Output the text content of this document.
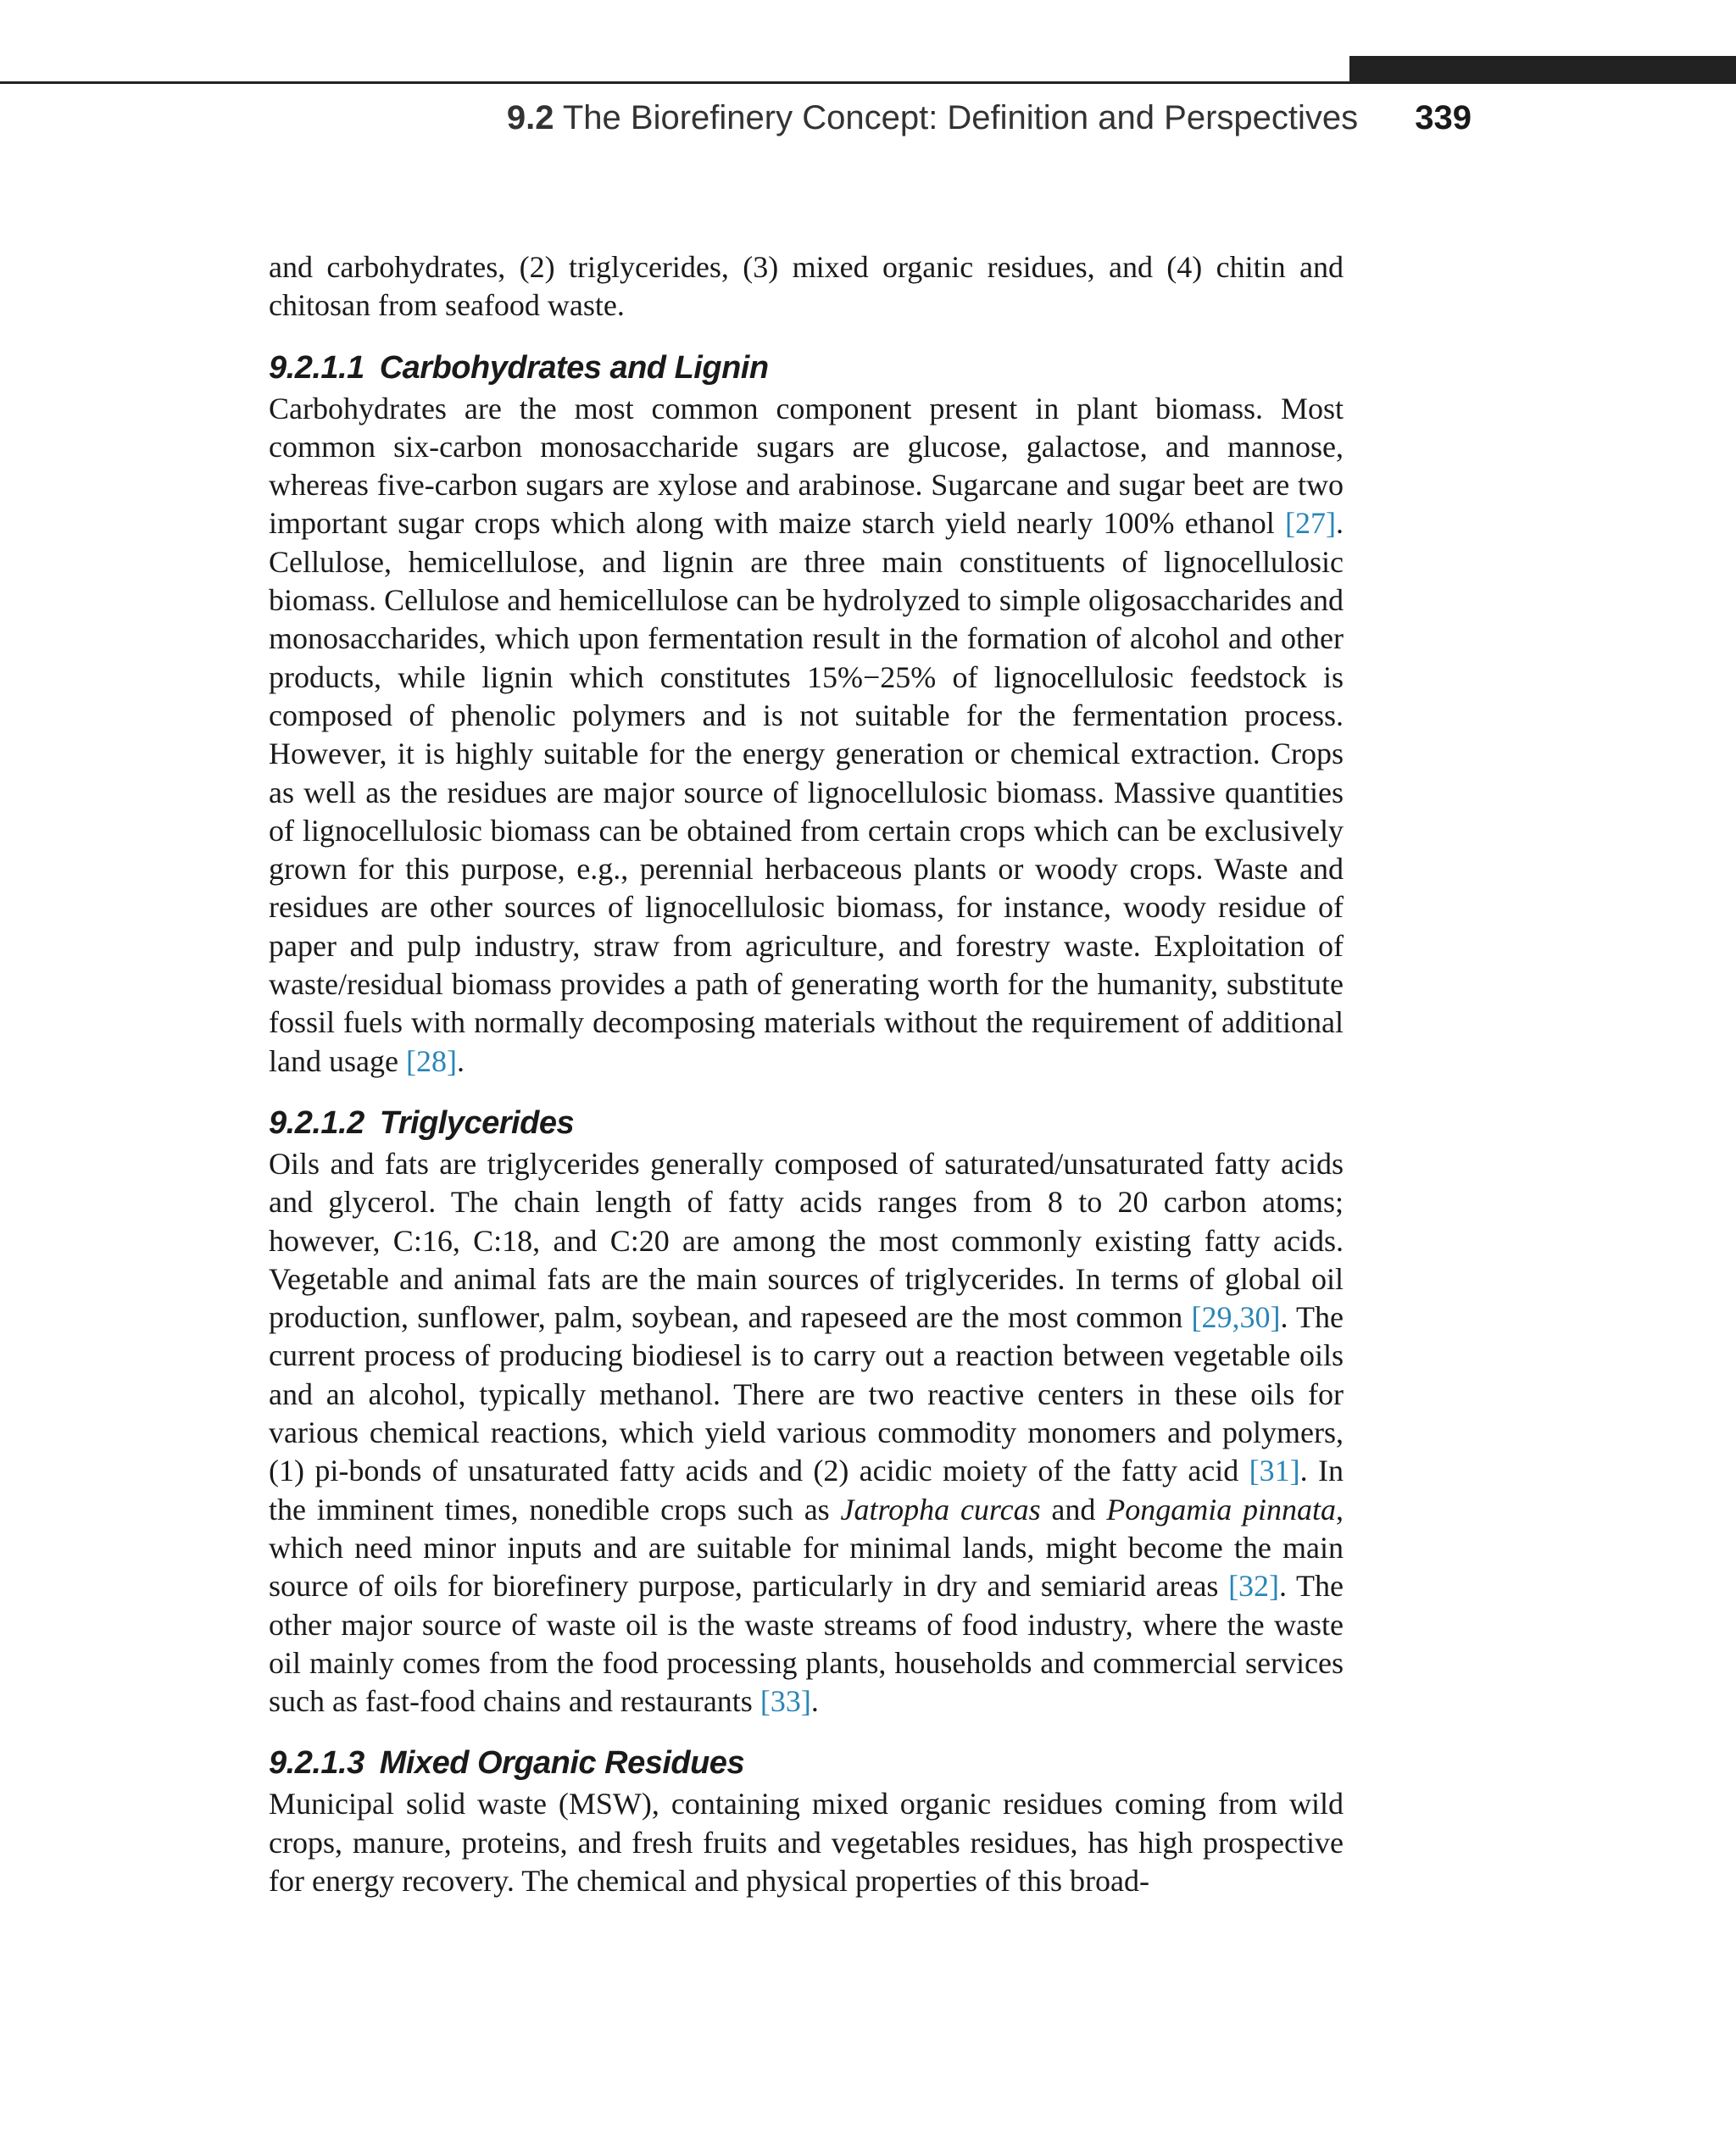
9.2 The Biorefinery Concept: Definition and Perspectives 339

and carbohydrates, (2) triglycerides, (3) mixed organic residues, and (4) chitin and chitosan from seafood waste.

9.2.1.1 Carbohydrates and Lignin

Carbohydrates are the most common component present in plant biomass. Most common six-carbon monosaccharide sugars are glucose, galactose, and mannose, whereas five-carbon sugars are xylose and arabinose. Sugarcane and sugar beet are two important sugar crops which along with maize starch yield nearly 100% ethanol [27]. Cellulose, hemicellulose, and lignin are three main constituents of lignocellulosic biomass. Cellulose and hemicellulose can be hydrolyzed to simple oligosaccharides and monosaccharides, which upon fermentation result in the formation of alcohol and other products, while lignin which constitutes 15%−25% of lignocellulosic feedstock is composed of phenolic polymers and is not suitable for the fermentation process. However, it is highly suitable for the energy generation or chemical extraction. Crops as well as the residues are major source of lignocellulosic biomass. Massive quantities of lignocellulosic biomass can be obtained from certain crops which can be exclusively grown for this purpose, e.g., perennial herbaceous plants or woody crops. Waste and residues are other sources of lignocellulosic biomass, for instance, woody residue of paper and pulp industry, straw from agriculture, and forestry waste. Exploitation of waste/residual biomass provides a path of generating worth for the humanity, substitute fossil fuels with normally decomposing materials without the requirement of additional land usage [28].

9.2.1.2 Triglycerides

Oils and fats are triglycerides generally composed of saturated/unsaturated fatty acids and glycerol. The chain length of fatty acids ranges from 8 to 20 carbon atoms; however, C:16, C:18, and C:20 are among the most commonly existing fatty acids. Vegetable and animal fats are the main sources of triglycerides. In terms of global oil production, sunflower, palm, soybean, and rapeseed are the most common [29,30]. The current process of producing biodiesel is to carry out a reaction between vegetable oils and an alcohol, typically methanol. There are two reactive centers in these oils for various chemical reactions, which yield various commodity monomers and polymers, (1) pi-bonds of unsaturated fatty acids and (2) acidic moiety of the fatty acid [31]. In the imminent times, nonedible crops such as Jatropha curcas and Pongamia pinnata, which need minor inputs and are suitable for minimal lands, might become the main source of oils for biorefinery purpose, particularly in dry and semiarid areas [32]. The other major source of waste oil is the waste streams of food industry, where the waste oil mainly comes from the food processing plants, households and commercial services such as fast-food chains and restaurants [33].

9.2.1.3 Mixed Organic Residues

Municipal solid waste (MSW), containing mixed organic residues coming from wild crops, manure, proteins, and fresh fruits and vegetables residues, has high prospective for energy recovery. The chemical and physical properties of this broad-
